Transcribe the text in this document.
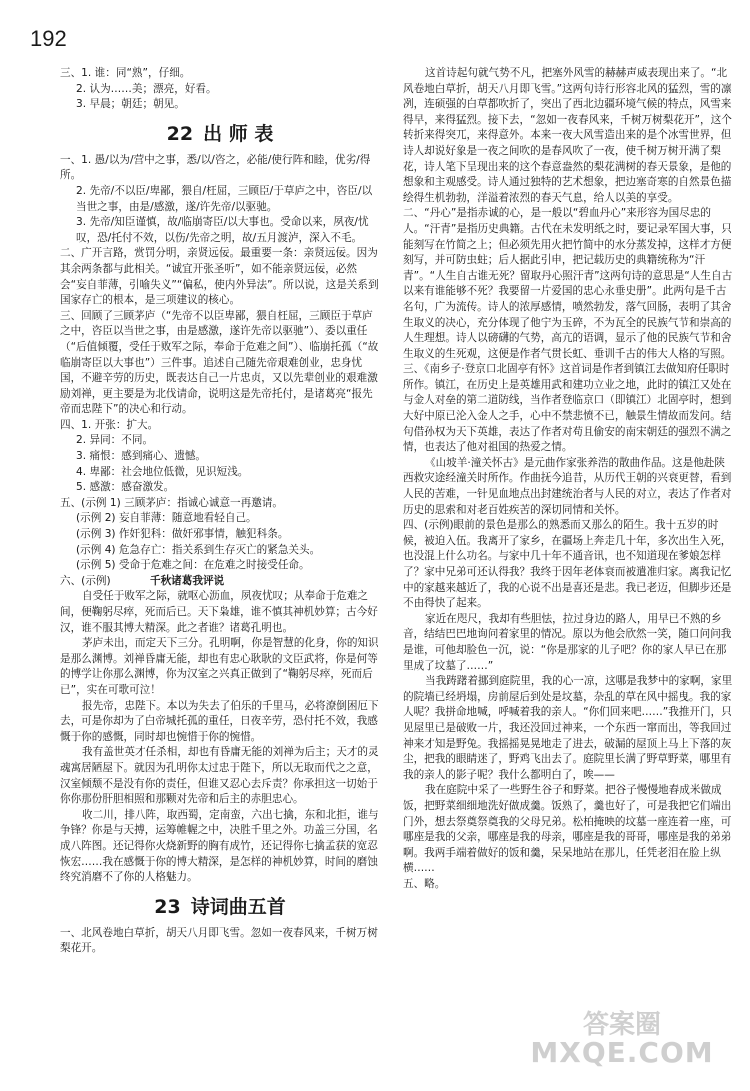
192

三、1. 谁：同“熟”，仔细。

2. 认为……美；漂亮，好看。

3. 早晨；朝廷；朝见。

22 出 师 表

一、1. 愚/以为/营中之事，悉/以/咨之，必能/使行阵和睦，优劣/得所。

2. 先帝/不以臣/卑鄙，猥自/枉屈，三顾臣/于草庐之中，咨臣/以当世之事，由是/感激，遂/许先帝/以驱驰。

3. 先帝/知臣谨慎，故/临崩寄臣/以大事也。受命以来，夙夜/忧叹，恐/托付不效，以伤/先帝之明，故/五月渡泸，深入不毛。

二、广开言路，赏罚分明，亲贤远佞。最重要一条：亲贤远佞。因为其余两条都与此相关。“诚宜开张圣听”，如不能亲贤远佞，必然会“妄自菲薄，引喻失义”“偏私，使内外异法”。所以说，这是关系到国家存亡的根本，是三项建议的核心。

三、回顾了三顾茅庐（“先帝不以臣卑鄙，猥自枉屈，三顾臣于草庐之中，咨臣以当世之事，由是感激，遂许先帝以驱驰”）、委以重任（“后值倾覆，受任于败军之际，奉命于危难之间”）、临崩托孤（“故临崩寄臣以大事也”）三件事。追述自己随先帝艰难创业，忠身忧国，不避辛劳的历史，既表达自己一片忠贞，又以先辈创业的艰难激励刘禅，更主要是为北伐请命，说明这是先帝托付，是诸葛亮“报先帝而忠陛下”的决心和行动。

四、1. 开张：扩大。

2. 异同：不同。

3. 痛恨：感到痛心、遗憾。

4. 卑鄙：社会地位低微，见识短浅。

5. 感激：感奋激发。

五、(示例 1) 三顾茅庐：指诚心诚意一再邀请。

(示例 2) 妄自菲薄：随意地看轻自己。

(示例 3) 作奸犯科：做奸邪事情，触犯科条。

(示例 4) 危急存亡：指关系到生存灭亡的紧急关头。

(示例 5) 受命于危难之间：在危难之时接受任命。

六、(示例)	千秋诸葛我评说

自受任于败军之际，就呕心沥血，夙夜忧叹；从奉命于危难之间，便鞠躬尽瘁，死而后已。天下枭雄，谁不慎其神机妙算；古今好汉，谁不服其博大精深。此之者谁？诸葛孔明也。

茅庐未出，而定天下三分。孔明啊，你是智慧的化身，你的知识是那么渊博。刘禅昏庸无能，却也有忠心耿耿的文臣武将，你是何等的博学让你那么渊博，你为汉室之兴真正做到了“鞠躬尽瘁，死而后已”，实在可歌可泣！

报先帝，忠陛下。本以为失去了伯乐的千里马，必将潦倒困厄下去，可是你却为了白帝城托孤的重任，日夜辛劳，恐付托不效，我感慨于你的感慨，同时却也惋惜于你的惋惜。

我有盖世英才任杀相，却也有昏庸无能的刘禅为后主；天才的灵魂寓居陋屋下。就因为孔明你太过忠于陛下，所以无取而代之之意，汉室倾颓不是没有你的责任，但谁又忍心去斥责？你承担这一切始于你你那份肝胆相照和那颗对先帝和后主的赤胆忠心。

收二川，排八阵，取西蜀，定南蛮，六出七擒，东和北拒，谁与争锋？你是与天搏，运筹帷幄之中，决胜千里之外。功盖三分国，名成八阵图。还记得你火烧新野的胸有成竹，还记得你七擒孟获的宽忍恢宏……我在感慨于你的博大精深，是怎样的神机妙算，时间的磨蚀终究消磨不了你的人格魅力。

23 诗词曲五首

一、北风卷地白草折，胡天八月即飞雪。忽如一夜春风来，千树万树梨花开。

这首诗起句就气势不凡，把塞外风雪的赫赫声威表现出来了。“北风卷地白草折，胡天八月即飞雪。”这两句诗行形容北风的猛烈，雪的凛冽，连硕强的白草都吹折了，突出了西北边疆环境气候的特点，风雪来得早，来得猛烈。接下去，“忽如一夜春风来，千树万树梨花开”，这个转折来得突兀，来得意外。本来一夜大风雪造出来的是个冰雪世界，但诗人却说好象是一夜之间吹的是春风吹了一夜，使千树万树开满了梨花，诗人笔下呈现出来的这个春意盎然的梨花满树的春天景象，是他的想象和主观感受。诗人通过独特的艺术想象，把边塞奇寒的自然景色描绘得生机勃勃，洋溢着浓烈的春天气息，给人以美的享受。

二、“丹心”是指赤诚的心，是一般以“碧血丹心”来形容为国尽忠的人。“汗青”是指历史典籍。古代在未发明纸之时，要记录军国大事，只能刻写在竹简之上；但必须先用火把竹简中的水分蒸发掉，这样才方便刻写，并可防虫蛀；后人据此引申，把记载历史的典籍统称为“汗青”。“人生自古谁无死？留取丹心照汗青”这两句诗的意思是“人生自古以来有谁能够不死？我要留一片爱国的忠心永垂史册”。此两句是千古名句，广为流传。诗人的浓厚感情，喷然勃发，落气回肠，表明了其舍生取义的决心，充分体现了他宁为玉碎，不为瓦全的民族气节和崇高的人生理想。诗人以磅礴的气势，高亢的语调，显示了他的民族气节和舍生取义的生死观，这便是作者气贯长虹、垂训千古的伟大人格的写照。

三、《南乡子·登京口北固亭有怀》这首词是作者到镇江去做知府任职时所作。镇江，在历史上是英雄用武和建功立业之地，此时的镇江又处在与金人对垒的第二道防线，当作者登临京口（即镇江）北固亭时，想到大好中原已沦入金人之手，心中不禁悲愤不已，触景生情故而发问。结句借孙权为天下英雄，表达了作者对苟且偷安的南宋朝廷的强烈不满之情，也表达了他对祖国的热爱之情。

《山坡羊·潼关怀古》是元曲作家张养浩的散曲作品。这是他赴陕西救灾途经潼关时所作。作曲抚今追昔，从历代王朝的兴衰更替，看到人民的苦难，一针见血地点出封建统治者与人民的对立，表达了作者对历史的思索和对老百姓疾苦的深切同情和关怀。

四、(示例)眼前的景色是那么的熟悉而又那么的陌生。我十五岁的时候，被迫入伍。我离开了家乡，在疆场上奔走几十年，多次出生入死，也没混上什么功名。与家中几十年不通音讯，也不知道现在爹娘怎样了？家中兄弟可还认得我？我终于因年老体衰而被遣准归家。离我记忆中的家越来越近了，我的心说不出是喜还是悲。我已老迈，但脚步还是不由得快了起来。

家近在咫尺，我却有些胆怯，拉过身边的路人，用早已不熟的乡音，结结巴巴地询问着家里的情况。原以为他会欣然一笑，随口问问我是谁，可他却脸色一沉，说：“你是那家的儿子吧？你的家人早已在那里成了坟墓了……”

当我踌躇着挪到庭院里，我的心一凉，这哪是我梦中的家啊，家里的院墙已经坍塌，房前屋后到处是坟墓，杂乱的草在风中摇曳。我的家人呢？我拼命地喊，呼喊着我的亲人。“你们回来吧……”我推开门，只见屋里已是破败一片，我还没回过神来，一个东西一窜而出，等我回过神来才知是野兔。我摇摇晃晃地走了进去，破漏的屋顶上马上下落的灰尘，把我的眼睛迷了，野鸡飞出去了。庭院里长满了野草野菜，哪里有我的亲人的影子呢？我什么都明白了，唉——

我在庭院中采了一些野生谷子和野菜。把谷子慢慢地舂成米做成饭，把野菜细细地洗好做成羹。饭熟了，羹也好了，可是我把它们端出门外，想去祭奠祭奠我的父母兄弟。松柏掩映的坟墓一座连着一座，可哪座是我的父亲，哪座是我的母亲，哪座是我的哥哥，哪座是我的弟弟啊。我两手端着做好的饭和羹，呆呆地站在那儿，任凭老泪在脸上纵横……

五、略。

答案圈
MXQE.COM
